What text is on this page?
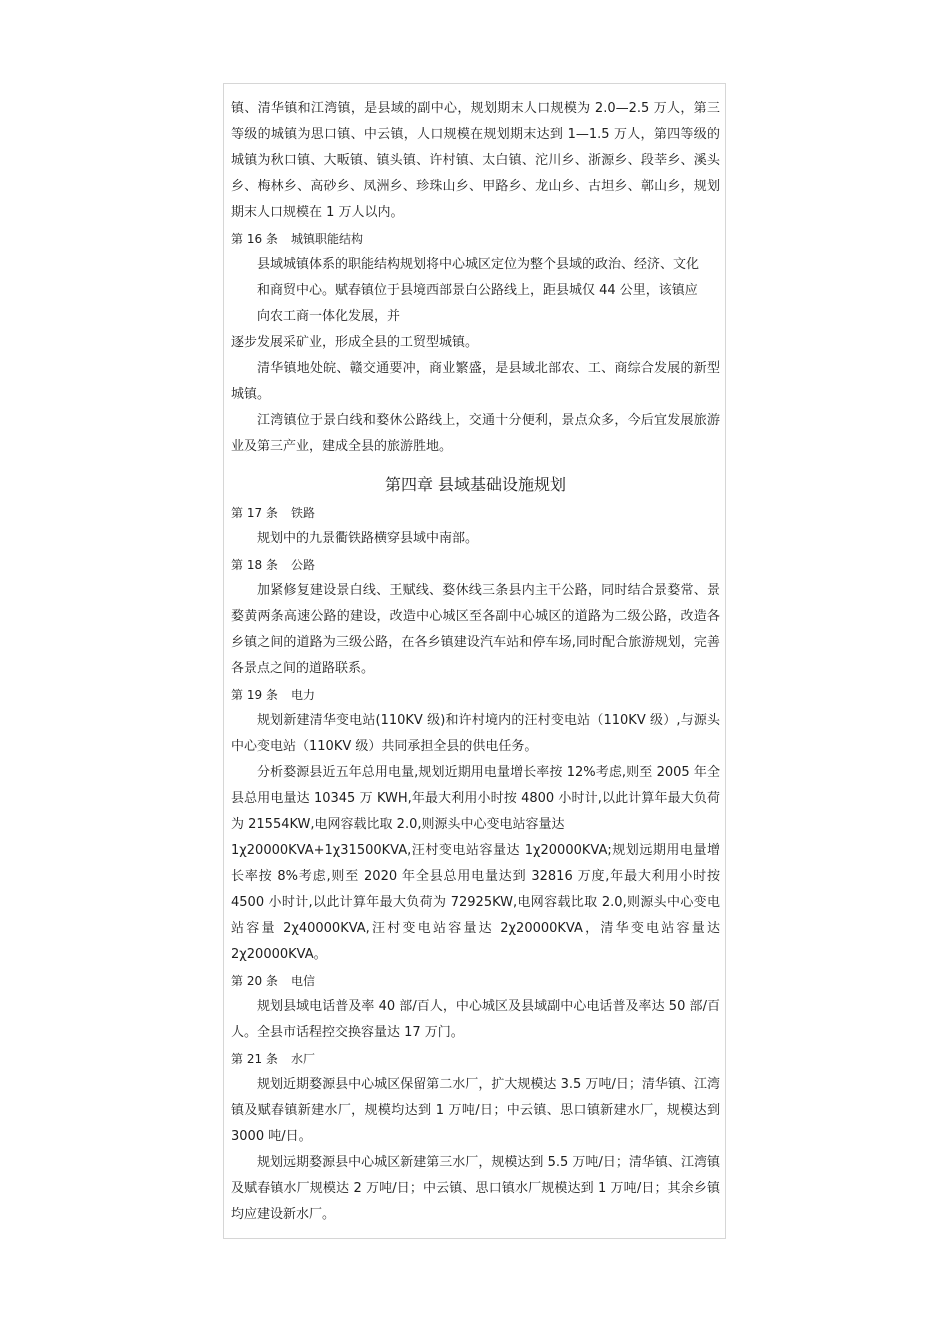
镇、清华镇和江湾镇，是县域的副中心，规划期末人口规模为 2.0—2.5 万人，第三等级的城镇为思口镇、中云镇，人口规模在规划期末达到 1—1.5 万人，第四等级的城镇为秋口镇、大畈镇、镇头镇、许村镇、太白镇、沱川乡、浙源乡、段莘乡、溪头乡、梅林乡、高砂乡、凤洲乡、珍珠山乡、甲路乡、龙山乡、古坦乡、鄣山乡，规划期末人口规模在 1 万人以内。

第 16 条 城镇职能结构

县域城镇体系的职能结构规划将中心城区定位为整个县域的政治、经济、文化

和商贸中心。赋春镇位于县境西部景白公路线上，距县城仅 44 公里，该镇应

向农工商一体化发展，并

逐步发展采矿业，形成全县的工贸型城镇。

清华镇地处皖、赣交通要冲，商业繁盛，是县域北部农、工、商综合发展的新型城镇。

江湾镇位于景白线和婺休公路线上，交通十分便利，景点众多，今后宜发展旅游业及第三产业，建成全县的旅游胜地。

第四章 县域基础设施规划
第 17 条 铁路

规划中的九景衢铁路横穿县域中南部。

第 18 条 公路

加紧修复建设景白线、王赋线、婺休线三条县内主干公路，同时结合景婺常、景婺黄两条高速公路的建设，改造中心城区至各副中心城区的道路为二级公路，改造各乡镇之间的道路为三级公路，在各乡镇建设汽车站和停车场,同时配合旅游规划，完善各景点之间的道路联系。

第 19 条 电力

规划新建清华变电站(110KV 级)和许村境内的汪村变电站（110KV 级）,与源头中心变电站（110KV 级）共同承担全县的供电任务。

分析婺源县近五年总用电量,规划近期用电量增长率按 12%考虑,则至 2005 年全县总用电量达 10345 万 KWH,年最大利用小时按 4800 小时计,以此计算年最大负荷为 21554KW,电网容载比取 2.0,则源头中心变电站容量达

1χ20000KVA+1χ31500KVA,汪村变电站容量达 1χ20000KVA;规划远期用电量增长率按 8%考虑,则至 2020 年全县总用电量达到 32816 万度,年最大利用小时按 4500 小时计,以此计算年最大负荷为 72925KW,电网容载比取 2.0,则源头中心变电站容量 2χ40000KVA,汪村变电站容量达 2χ20000KVA，清华变电站容量达 2χ20000KVA。

第 20 条 电信

规划县域电话普及率 40 部/百人，中心城区及县域副中心电话普及率达 50 部/百人。全县市话程控交换容量达 17 万门。

第 21 条 水厂

规划近期婺源县中心城区保留第二水厂，扩大规模达 3.5 万吨/日；清华镇、江湾镇及赋春镇新建水厂，规模均达到 1 万吨/日；中云镇、思口镇新建水厂，规模达到 3000 吨/日。

规划远期婺源县中心城区新建第三水厂，规模达到 5.5 万吨/日；清华镇、江湾镇及赋春镇水厂规模达 2 万吨/日；中云镇、思口镇水厂规模达到 1 万吨/日；其余乡镇均应建设新水厂。
